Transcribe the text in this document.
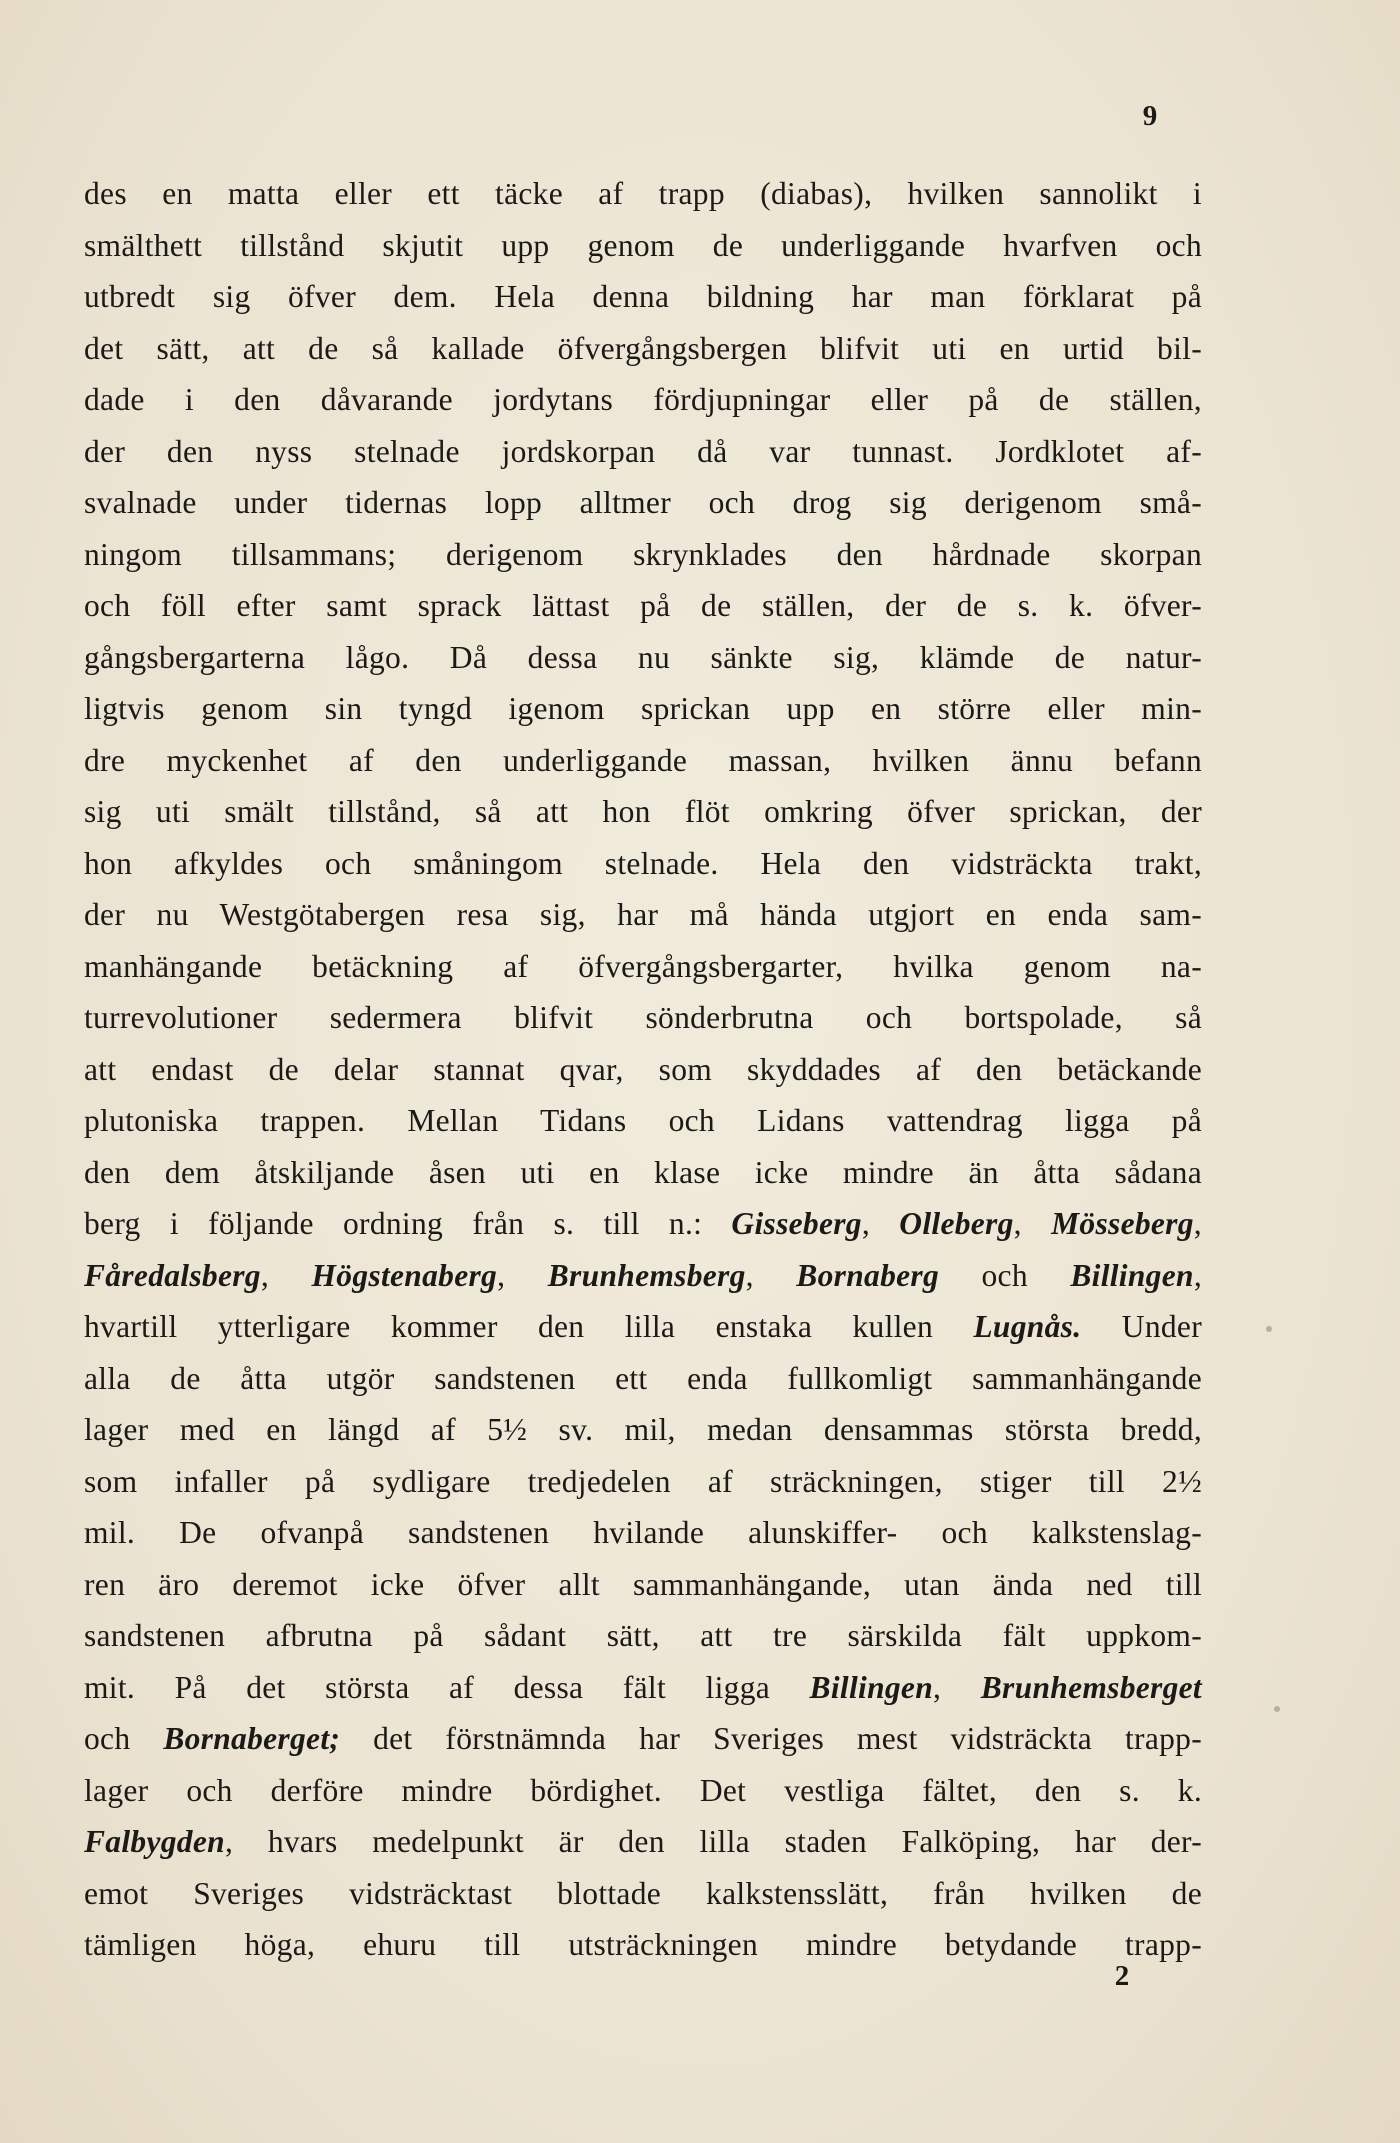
9
des en matta eller ett täcke af trapp (diabas), hvilken sannolikt i
smälthett tillstånd skjutit upp genom de underliggande hvarfven och
utbredt sig öfver dem. Hela denna bildning har man förklarat på
det sätt, att de så kallade öfvergångsbergen blifvit uti en urtid bil-
dade i den dåvarande jordytans fördjupningar eller på de ställen,
der den nyss stelnade jordskorpan då var tunnast. Jordklotet af-
svalnade under tidernas lopp alltmer och drog sig derigenom små-
ningom tillsammans; derigenom skrynklades den hårdnade skorpan
och föll efter samt sprack lättast på de ställen, der de s. k. öfver-
gångsbergarterna lågo. Då dessa nu sänkte sig, klämde de natur-
ligtvis genom sin tyngd igenom sprickan upp en större eller min-
dre myckenhet af den underliggande massan, hvilken ännu befann
sig uti smält tillstånd, så att hon flöt omkring öfver sprickan, der
hon afkyldes och småningom stelnade. Hela den vidsträckta trakt,
der nu Westgötabergen resa sig, har må hända utgjort en enda sam-
manhängande betäckning af öfvergångsbergarter, hvilka genom na-
turrevolutioner sedermera blifvit sönderbrutna och bortspolade, så
att endast de delar stannat qvar, som skyddades af den betäckande
plutoniska trappen. Mellan Tidans och Lidans vattendrag ligga på
den dem åtskiljande åsen uti en klase icke mindre än åtta sådana
berg i följande ordning från s. till n.: Gisseberg, Olleberg, Mösseberg,
Fåredalsberg, Högstenaberg, Brunhemsberg, Bornaberg och Billingen,
hvartill ytterligare kommer den lilla enstaka kullen Lugnås. Under
alla de åtta utgör sandstenen ett enda fullkomligt sammanhängande
lager med en längd af 5½ sv. mil, medan densammas största bredd,
som infaller på sydligare tredjedelen af sträckningen, stiger till 2½
mil. De ofvanpå sandstenen hvilande alunskiffer- och kalkstenslag-
ren äro deremot icke öfver allt sammanhängande, utan ända ned till
sandstenen afbrutna på sådant sätt, att tre särskilda fält uppkom-
mit. På det största af dessa fält ligga Billingen, Brunhemsberget
och Bornaberget; det förstnämnda har Sveriges mest vidsträckta trapp-
lager och derföre mindre bördighet. Det vestliga fältet, den s. k.
Falbygden, hvars medelpunkt är den lilla staden Falköping, har der-
emot Sveriges vidsträcktast blottade kalkstensslätt, från hvilken de
tämligen höga, ehuru till utsträckningen mindre betydande trapp-
2
